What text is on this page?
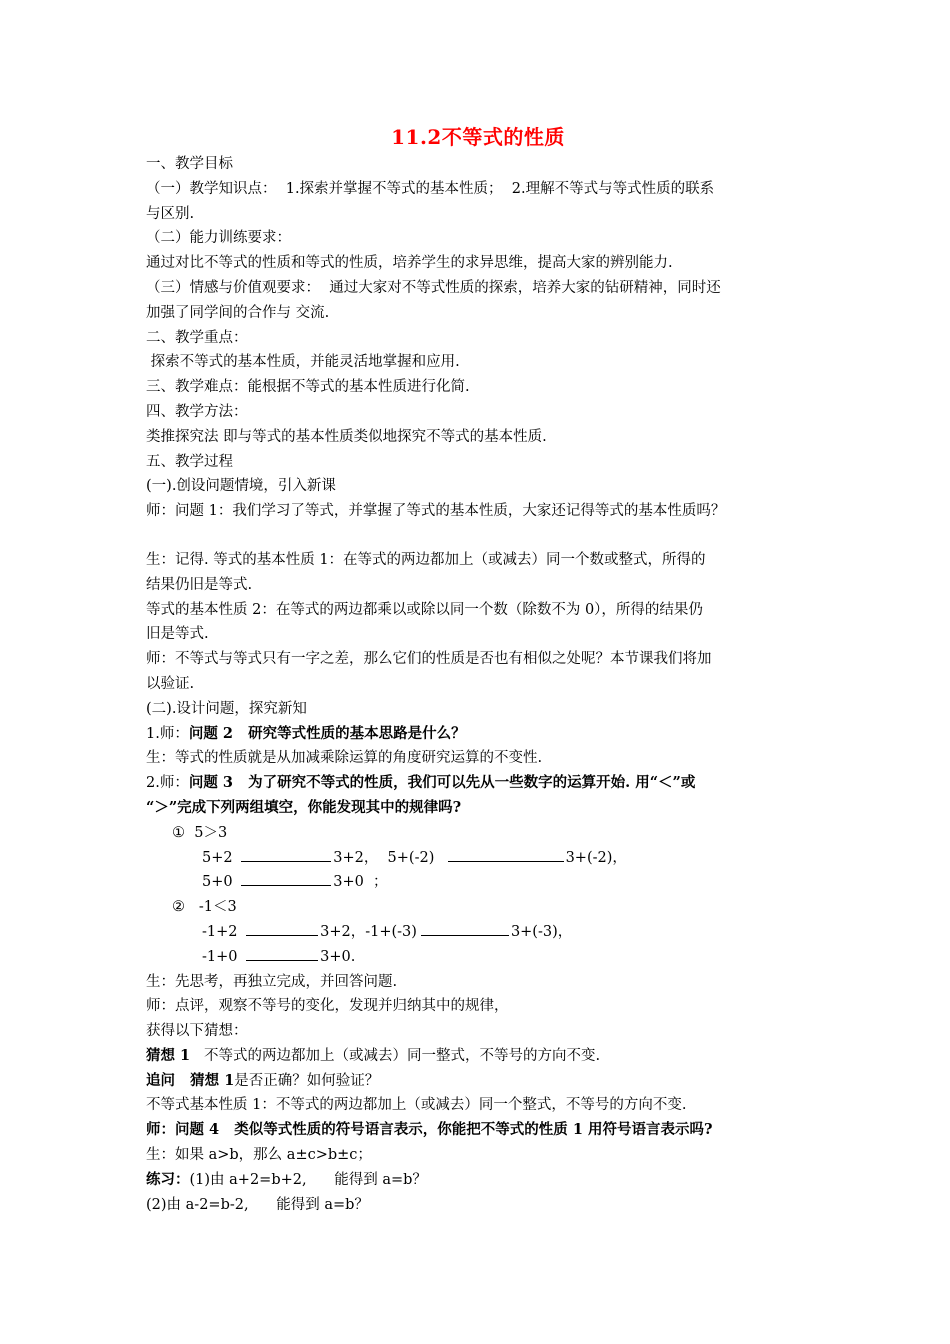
11.2不等式的性质
一、教学目标
（一）教学知识点：  1.探索并掌握不等式的基本性质；  2.理解不等式与等式性质的联系
与区别.
（二）能力训练要求：
通过对比不等式的性质和等式的性质，培养学生的求异思维，提高大家的辨别能力.
（三）情感与价值观要求：  通过大家对不等式性质的探索，培养大家的钻研精神，同时还
加强了同学间的合作与 交流.
二、教学重点：
探索不等式的基本性质，并能灵活地掌握和应用.
三、教学难点：能根据不等式的基本性质进行化简.
四、教学方法：
类推探究法 即与等式的基本性质类似地探究不等式的基本性质.
五、教学过程
(一).创设问题情境，引入新课
师：问题 1：我们学习了等式，并掌握了等式的基本性质，大家还记得等式的基本性质吗？
生：记得. 等式的基本性质 1：在等式的两边都加上（或减去）同一个数或整式，所得的
结果仍旧是等式.
等式的基本性质 2：在等式的两边都乘以或除以同一个数（除数不为 0），所得的结果仍
旧是等式.
师：不等式与等式只有一字之差，那么它们的性质是否也有相似之处呢？本节课我们将加
以验证.
(二).设计问题，探究新知
1.师：问题 2   研究等式性质的基本思路是什么？
生：等式的性质就是从加减乘除运算的角度研究运算的不变性.
2.师：问题 3   为了研究不等式的性质，我们可以先从一些数字的运算开始. 用“＜”或
“＞”完成下列两组填空，你能发现其中的规律吗?
①  5＞3
5+2	3+2，  5+(-2)	3+(-2)，
5+0	3+0  ；
②   -1＜3
-1+2	3+2，-1+(-3)	3+(-3)，
-1+0	3+0.
生：先思考，再独立完成，并回答问题.
师：点评，观察不等号的变化，发现并归纳其中的规律，
获得以下猜想：
猜想 1   不等式的两边都加上（或减去）同一整式，不等号的方向不变.
追问   猜想 1是否正确？如何验证？
不等式基本性质 1：不等式的两边都加上（或减去）同一个整式，不等号的方向不变.
师：问题 4   类似等式性质的符号语言表示，你能把不等式的性质 1 用符号语言表示吗?
生：如果 a>b，那么 a±c>b±c；
练习：(1)由 a+2=b+2,      能得到 a=b？
(2)由 a-2=b-2,      能得到 a=b？
